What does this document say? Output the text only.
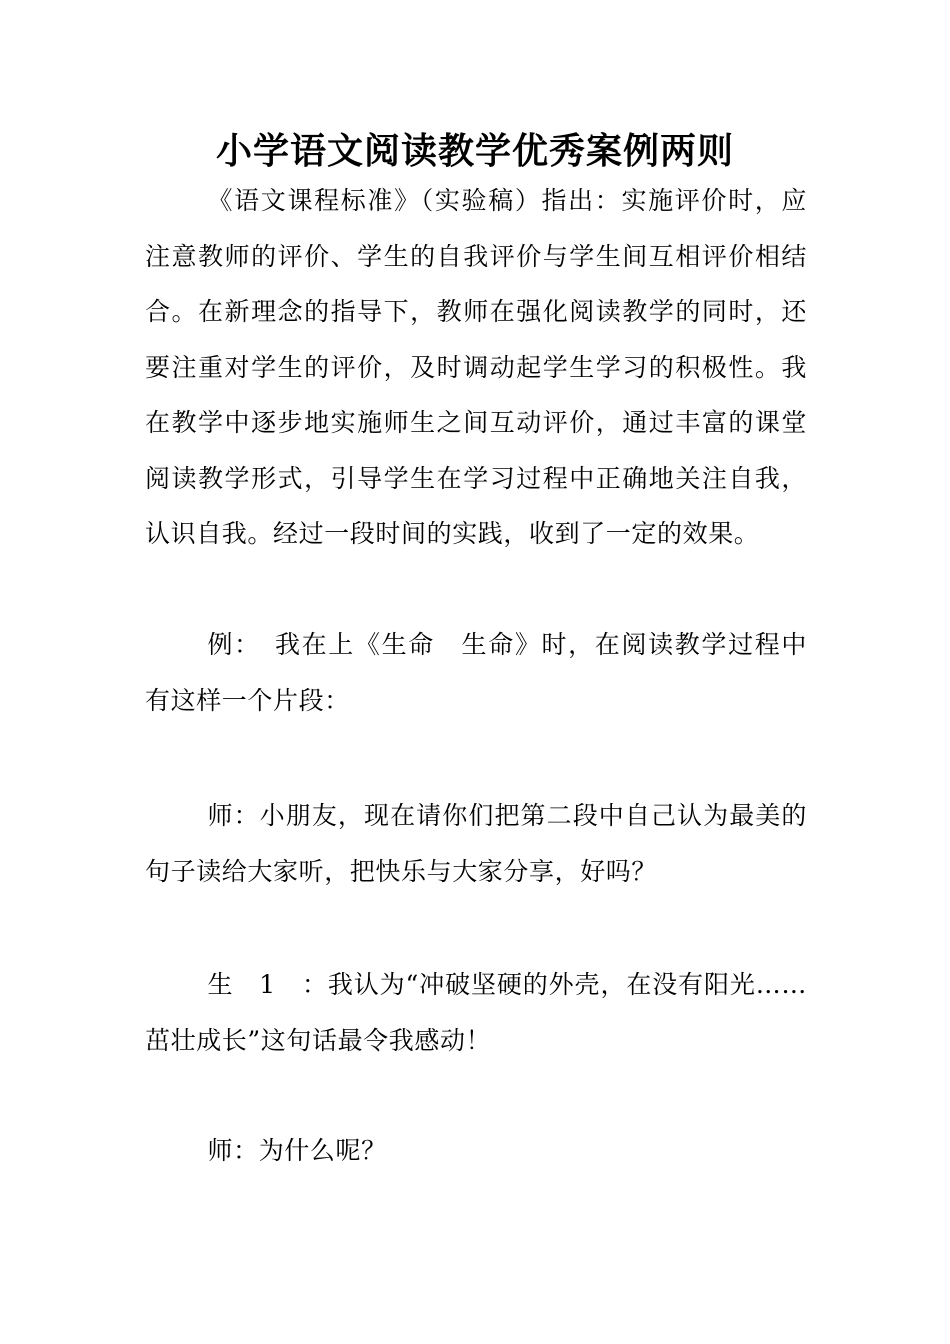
小学语文阅读教学优秀案例两则

《语文课程标准》（实验稿）指出：实施评价时，应注意教师的评价、学生的自我评价与学生间互相评价相结合。在新理念的指导下，教师在强化阅读教学的同时，还要注重对学生的评价，及时调动起学生学习的积极性。我在教学中逐步地实施师生之间互动评价，通过丰富的课堂阅读教学形式，引导学生在学习过程中正确地关注自我，认识自我。经过一段时间的实践，收到了一定的效果。

例：　我在上《生命　生命》时，在阅读教学过程中有这样一个片段：

师：小朋友，现在请你们把第二段中自己认为最美的句子读给大家听，把快乐与大家分享，好吗？

生　1　：我认为“冲破坚硬的外壳，在没有阳光……茁壮成长”这句话最令我感动！

师：为什么呢？
